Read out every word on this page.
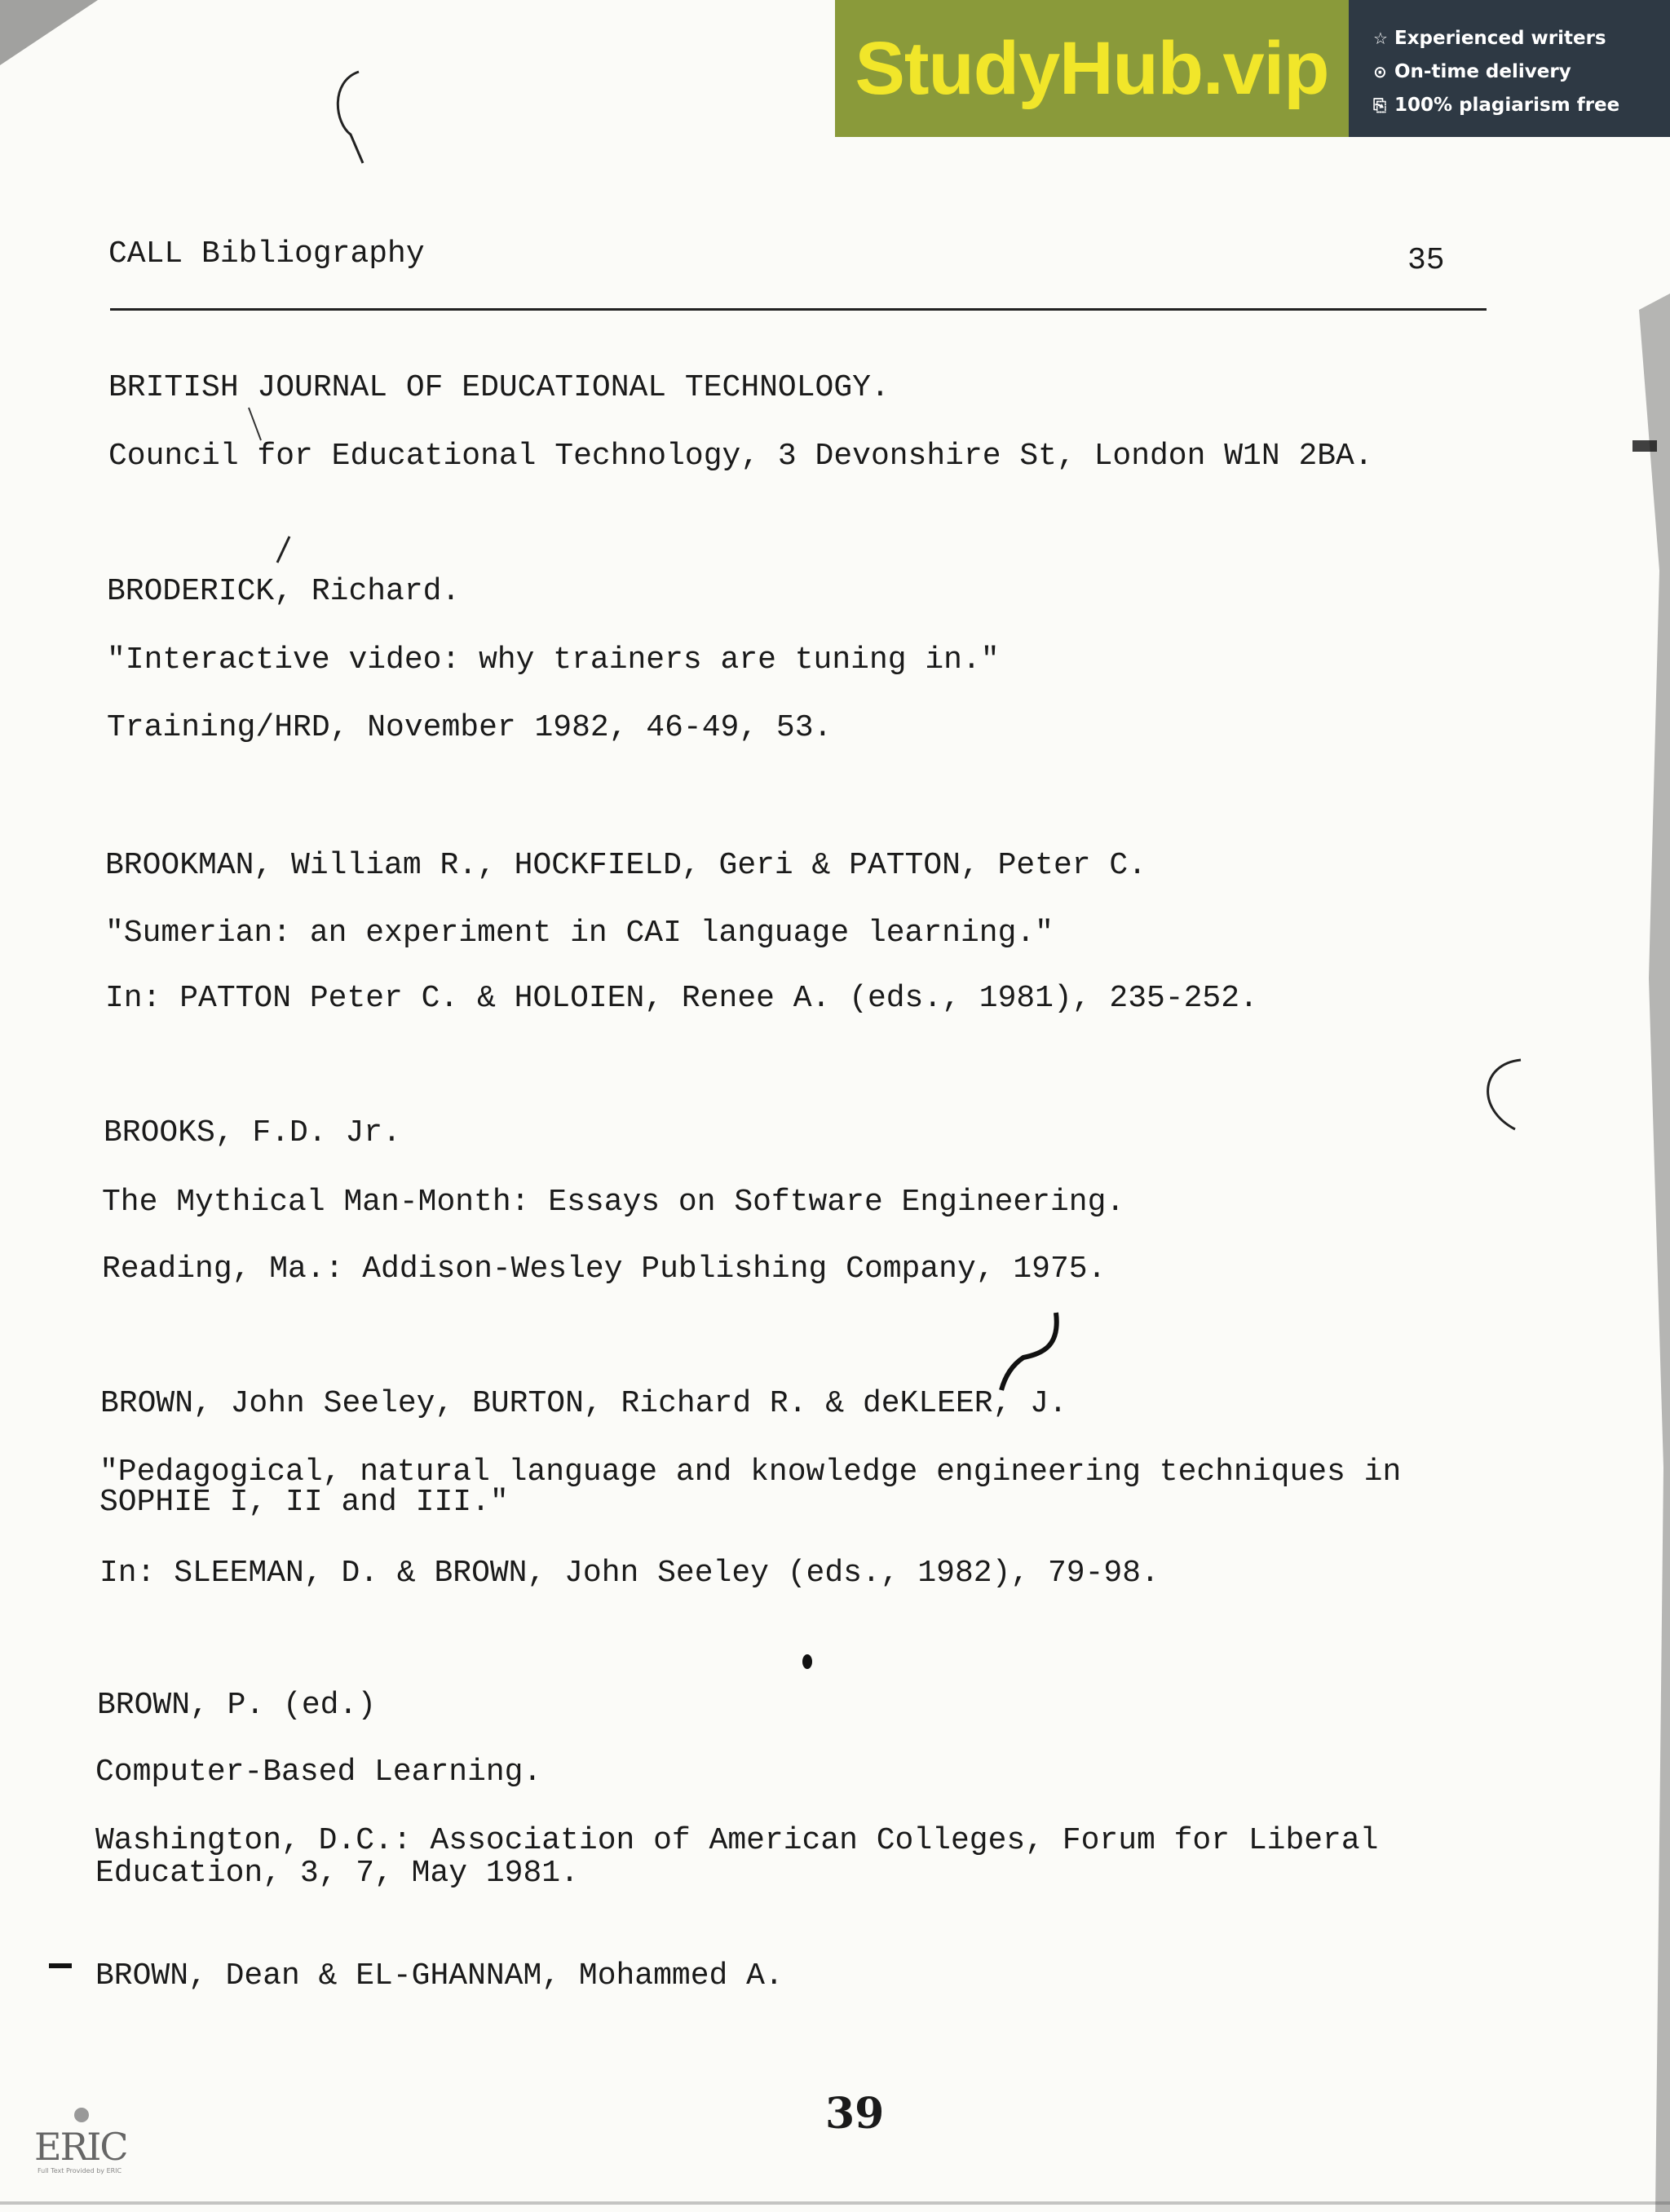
StudyHub.vip	☆ Experienced writers
⊙ On-time delivery
⎘ 100% plagiarism free
CALL Bibliography	35
BRITISH JOURNAL OF EDUCATIONAL TECHNOLOGY.
Council for Educational Technology, 3 Devonshire St, London W1N 2BA.
BRODERICK, Richard.
"Interactive video: why trainers are tuning in."
Training/HRD, November 1982, 46-49, 53.
BROOKMAN, William R., HOCKFIELD, Geri & PATTON, Peter C.
"Sumerian: an experiment in CAI language learning."
In: PATTON Peter C. & HOLOIEN, Renee A. (eds., 1981), 235-252.
BROOKS, F.D. Jr.
The Mythical Man-Month: Essays on Software Engineering.
Reading, Ma.: Addison-Wesley Publishing Company, 1975.
BROWN, John Seeley, BURTON, Richard R. & deKLEER, J.
"Pedagogical, natural language and knowledge engineering techniques in
SOPHIE I, II and III."
In: SLEEMAN, D. & BROWN, John Seeley (eds., 1982), 79-98.
BROWN, P. (ed.)
Computer-Based Learning.
Washington, D.C.: Association of American Colleges, Forum for Liberal
Education, 3, 7, May 1981.
BROWN, Dean & EL-GHANNAM, Mohammed A.
39
ERIC
Full Text Provided by ERIC
